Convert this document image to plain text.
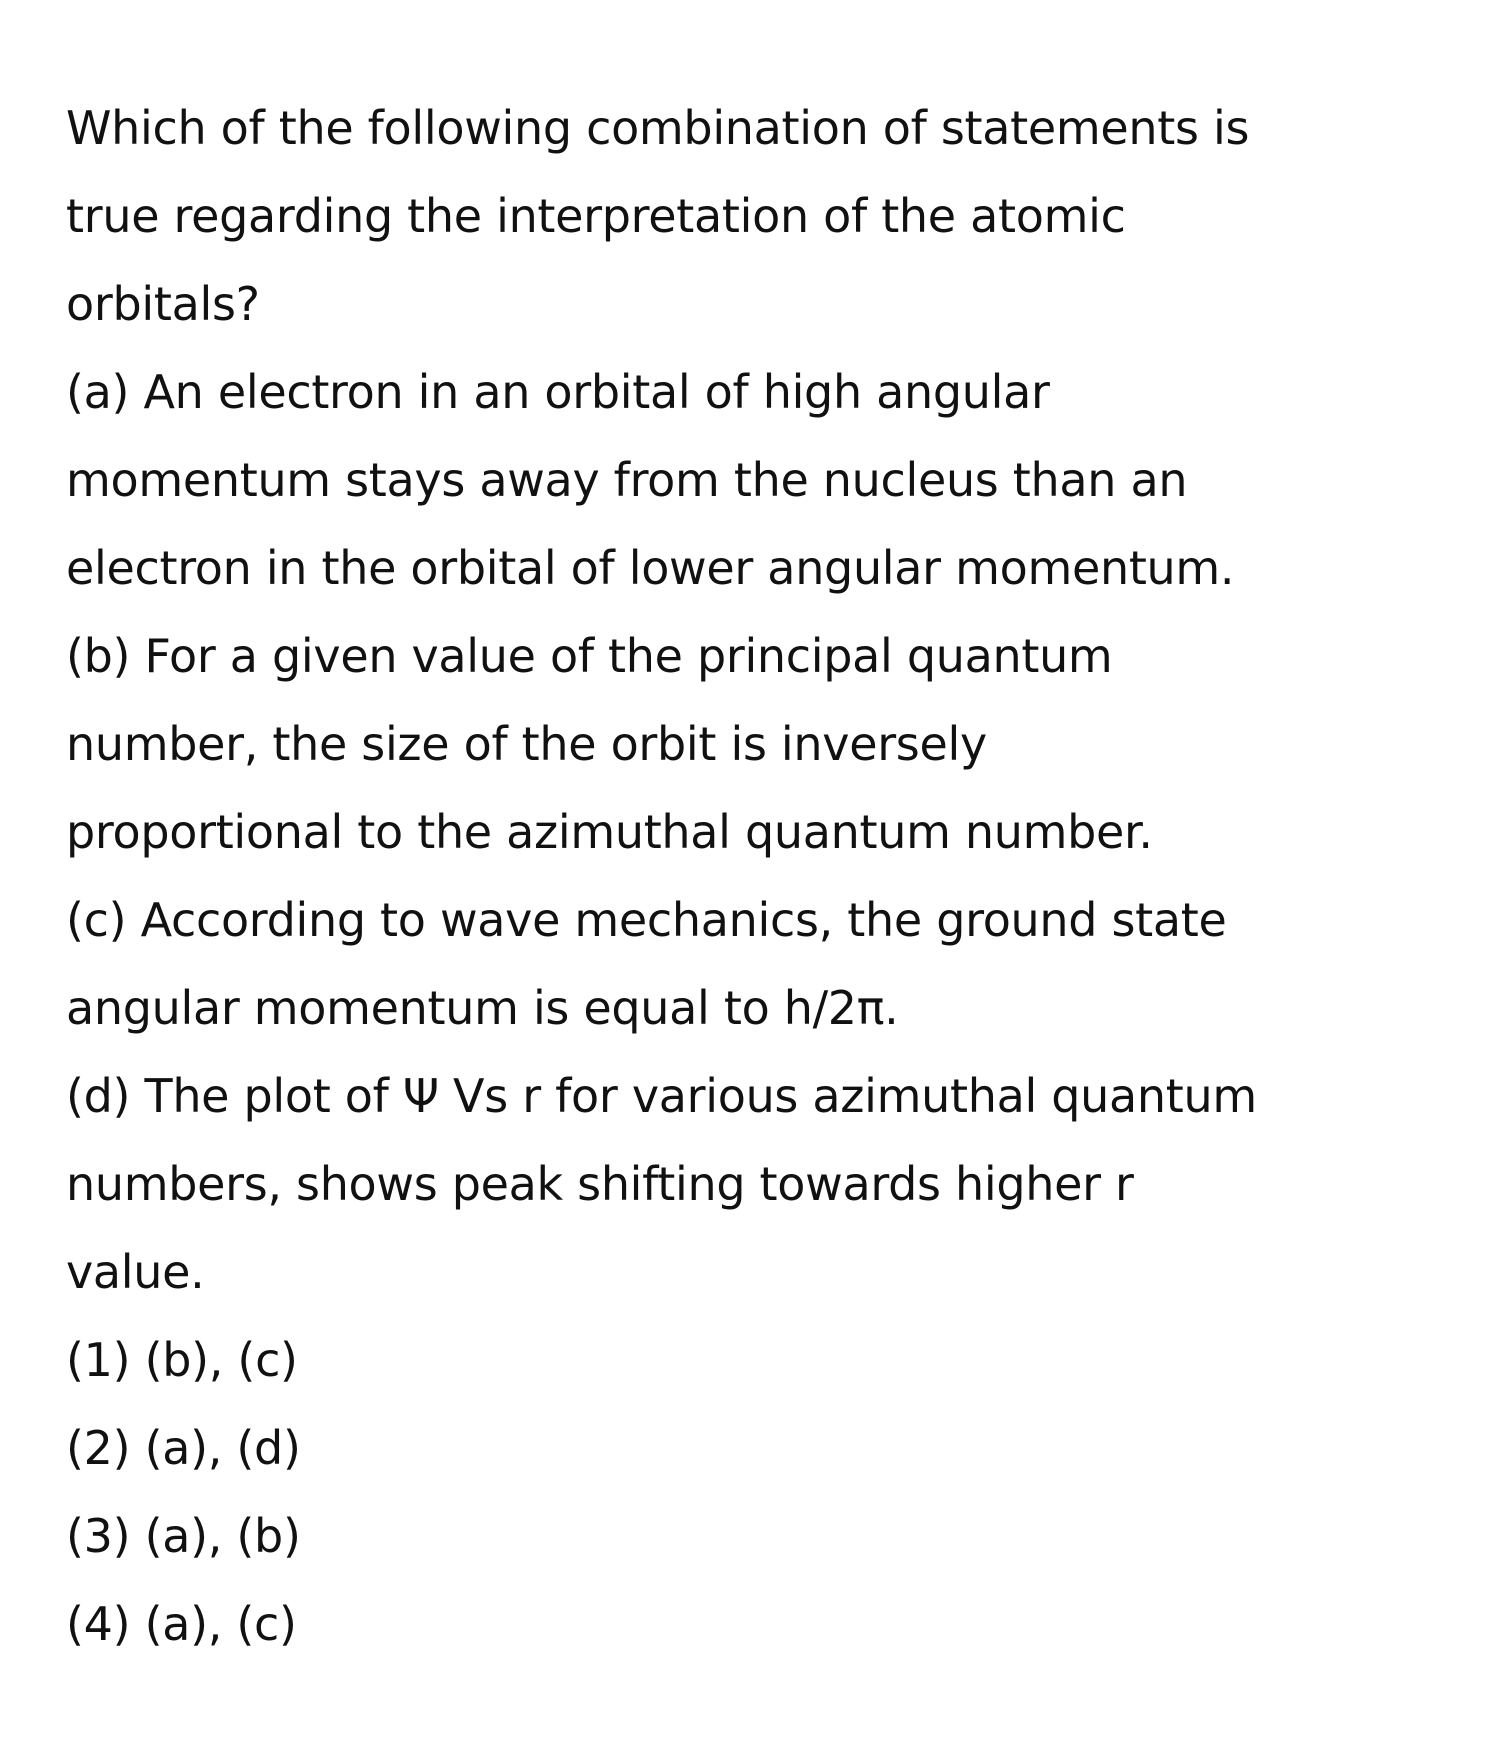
Which of the following combination of statements is
true regarding the interpretation of the atomic
orbitals?
(a) An electron in an orbital of high angular
momentum stays away from the nucleus than an
electron in the orbital of lower angular momentum.
(b) For a given value of the principal quantum
number, the size of the orbit is inversely
proportional to the azimuthal quantum number.
(c) According to wave mechanics, the ground state
angular momentum is equal to h/2π.
(d) The plot of Ψ Vs r for various azimuthal quantum
numbers, shows peak shifting towards higher r
value.
(1) (b), (c)
(2) (a), (d)
(3) (a), (b)
(4) (a), (c)
